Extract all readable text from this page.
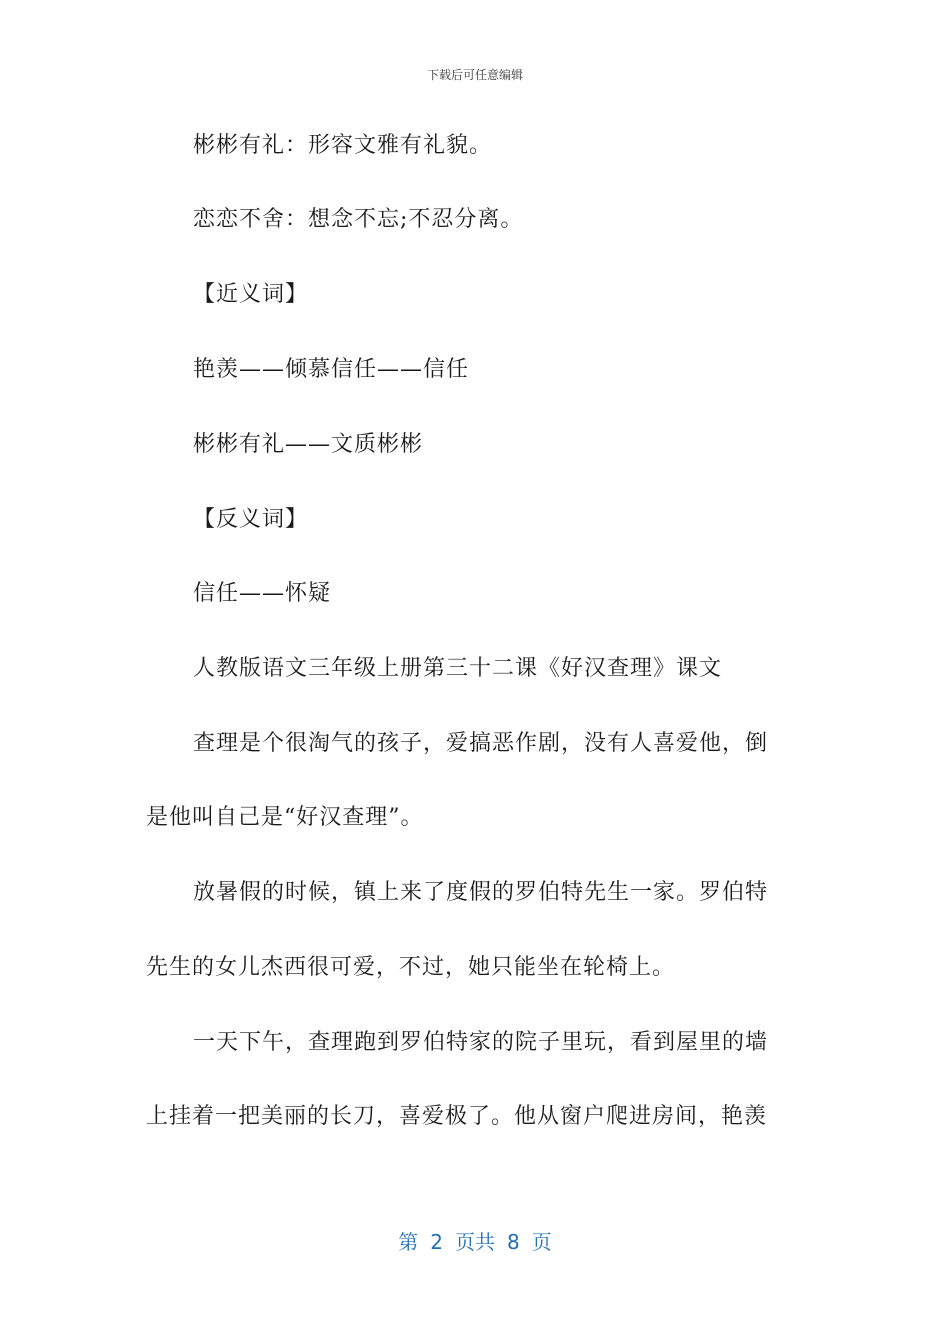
下载后可任意编辑
彬彬有礼：形容文雅有礼貌。
恋恋不舍：想念不忘;不忍分离。
【近义词】
艳羡——倾慕信任——信任
彬彬有礼——文质彬彬
【反义词】
信任——怀疑
人教版语文三年级上册第三十二课《好汉查理》课文
查理是个很淘气的孩子，爱搞恶作剧，没有人喜爱他，倒
是他叫自己是“好汉查理”。
放暑假的时候，镇上来了度假的罗伯特先生一家。罗伯特
先生的女儿杰西很可爱，不过，她只能坐在轮椅上。
一天下午，查理跑到罗伯特家的院子里玩，看到屋里的墙
上挂着一把美丽的长刀，喜爱极了。他从窗户爬进房间，艳羡
第 2 页共 8 页
